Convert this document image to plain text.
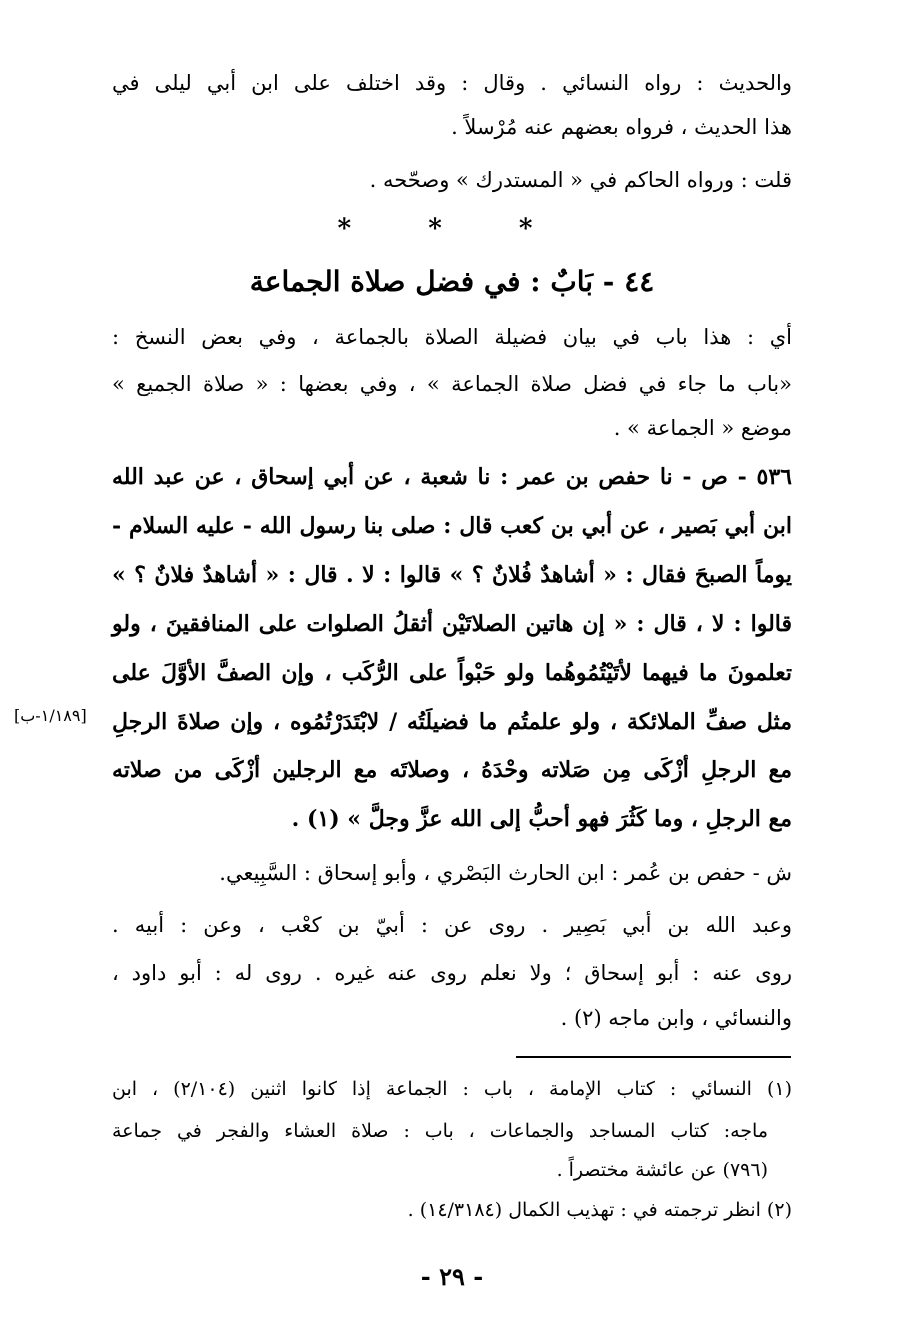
والحديث : رواه النسائي . وقال : وقد اختلف على ابن أبي ليلى في
هذا الحديث ، فرواه بعضهم عنه مُرْسلاً .
قلت : ورواه الحاكم في « المستدرك » وصحّحه .
* * *
٤٤ - بَابٌ : في فضل صلاة الجماعة
أي : هذا باب في بيان فضيلة الصلاة بالجماعة ، وفي بعض النسخ :
«باب ما جاء في فضل صلاة الجماعة » ، وفي بعضها : « صلاة الجميع »
موضع « الجماعة » .
٥٣٦ - ص - نا حفص بن عمر : نا شعبة ، عن أبي إسحاق ، عن عبد الله
ابن أبي بَصير ، عن أبي بن كعب قال : صلى بنا رسول الله - عليه السلام -
يوماً الصبحَ فقال : « أشاهدٌ فُلانٌ ؟ » قالوا : لا . قال : « أشاهدٌ فلانٌ ؟ »
قالوا : لا ، قال : « إن هاتين الصلاتَيْن أثقلُ الصلوات على المنافقينَ ، ولو
تعلمونَ ما فيهما لأتَيْتُمُوهُما ولو حَبْواً على الرُّكَب ، وإن الصفَّ الأوَّلَ على
مثل صفِّ الملائكة ، ولو علمتُم ما فضيلَتُه / لابْتَدَرْتُمُوه ، وإن صلاةَ الرجلِ
مع الرجلِ أزْكَى مِن صَلاته وحْدَهُ ، وصلاتَه مع الرجلين أزْكَى من صلاته
مع الرجلِ ، وما كَثُرَ فهو أحبُّ إلى الله عزَّ وجلَّ » (١) .
[١/١٨٩-ب]
ش - حفص بن عُمر : ابن الحارث البَصْري ، وأبو إسحاق : السَّبِيعي.
وعبد الله بن أبي بَصِير . روى عن : أبيّ بن كعْب ، وعن : أبيه .
روى عنه : أبو إسحاق ؛ ولا نعلم روى عنه غيره . روى له : أبو داود ،
والنسائي ، وابن ماجه (٢) .
(١) النسائي : كتاب الإمامة ، باب : الجماعة إذا كانوا اثنين (٢/١٠٤) ، ابن
ماجه: كتاب المساجد والجماعات ، باب : صلاة العشاء والفجر في جماعة
(٧٩٦) عن عائشة مختصراً .
(٢) انظر ترجمته في : تهذيب الكمال (١٤/٣١٨٤) .
- ٢٩ -
